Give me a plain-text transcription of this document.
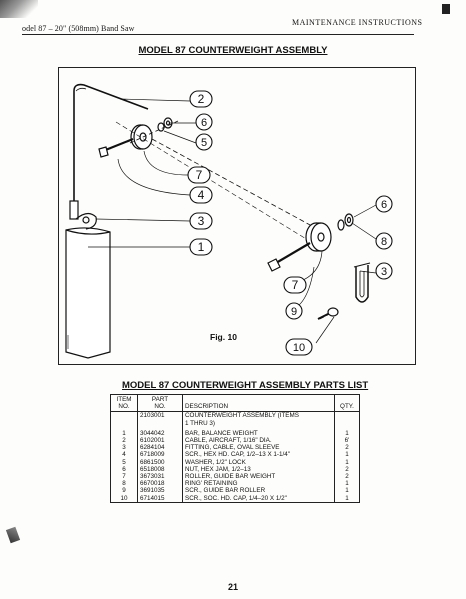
odel 87 – 20" (508mm) Band Saw
MAINTENANCE INSTRUCTIONS
MODEL 87 COUNTERWEIGHT ASSEMBLY
2
6
5
7
4
3
1
6
8
3
7
9
10
Fig. 10
MODEL 87 COUNTERWEIGHT ASSEMBLY PARTS LIST
ITEM
NO.	PART
NO.	DESCRIPTION	QTY.
	2103001	COUNTERWEIGHT ASSEMBLY (ITEMS	
		1 THRU 3)	
1	3044042	BAR, BALANCE WEIGHT	1
2	6102001	CABLE, AIRCRAFT, 1/16" DIA.	6'
3	6284104	FITTING, CABLE, OVAL SLEEVE	2
4	6718009	SCR., HEX HD. CAP, 1/2–13 X 1-1/4"	1
5	6861500	WASHER, 1/2" LOCK	1
6	6518008	NUT, HEX JAM, 1/2–13	2
7	3673031	ROLLER, GUIDE BAR WEIGHT	2
8	6670018	RING' RETAINING	1
9	3691035	SCR., GUIDE BAR ROLLER	1
10	6714015	SCR., SOC. HD. CAP, 1/4–20 X 1/2"	1
21
